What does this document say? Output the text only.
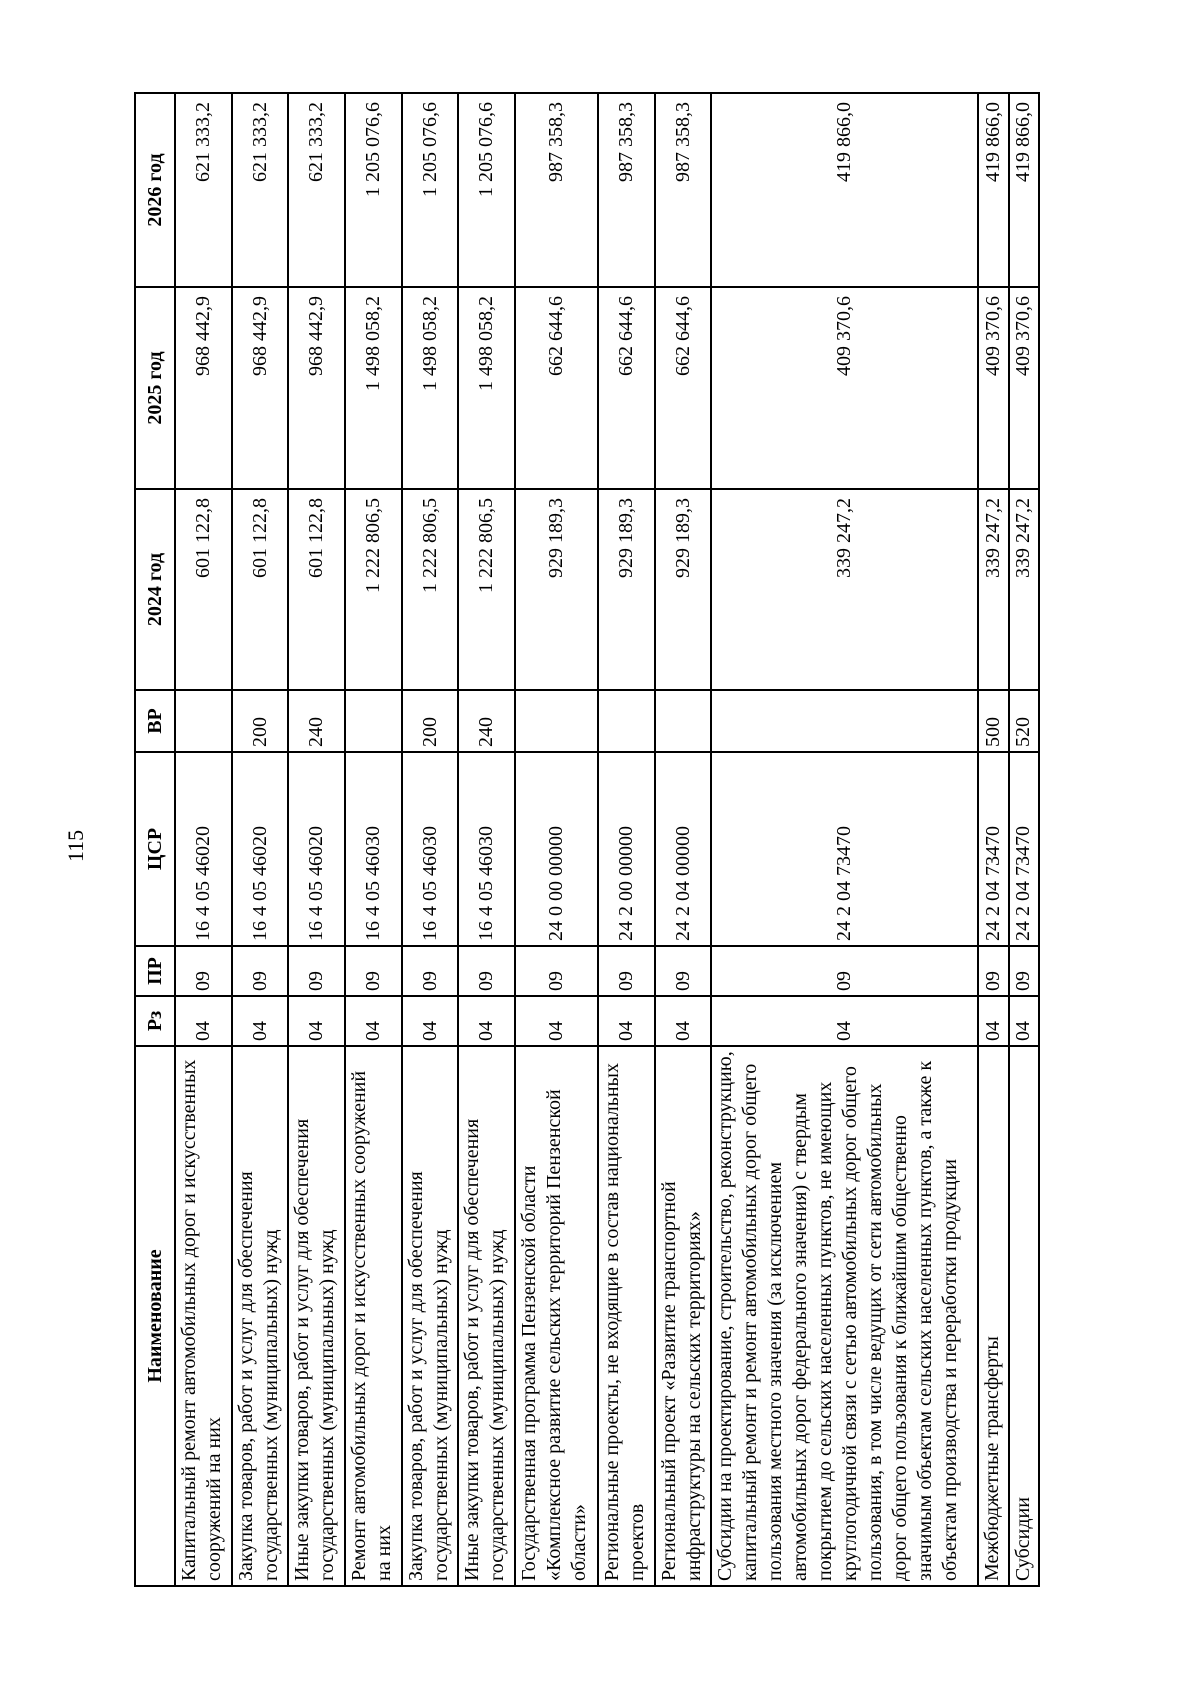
115
Наименование	Рз	ПР	ЦСР	ВР	2024 год	2025 год	2026 год
Капитальный ремонт автомобильных дорог и искусственных сооружений на них	04	09	16 4 05 46020		601 122,8	968 442,9	621 333,2
Закупка товаров, работ и услуг для обеспечения государственных (муниципальных) нужд	04	09	16 4 05 46020	200	601 122,8	968 442,9	621 333,2
Иные закупки товаров, работ и услуг для обеспечения государственных (муниципальных) нужд	04	09	16 4 05 46020	240	601 122,8	968 442,9	621 333,2
Ремонт автомобильных дорог и искусственных сооружений на них	04	09	16 4 05 46030		1 222 806,5	1 498 058,2	1 205 076,6
Закупка товаров, работ и услуг для обеспечения государственных (муниципальных) нужд	04	09	16 4 05 46030	200	1 222 806,5	1 498 058,2	1 205 076,6
Иные закупки товаров, работ и услуг для обеспечения государственных (муниципальных) нужд	04	09	16 4 05 46030	240	1 222 806,5	1 498 058,2	1 205 076,6
Государственная программа Пензенской области «Комплексное развитие сельских территорий Пензенской области»	04	09	24 0 00 00000		929 189,3	662 644,6	987 358,3
Региональные проекты, не входящие в состав национальных проектов	04	09	24 2 00 00000		929 189,3	662 644,6	987 358,3
Региональный проект «Развитие транспортной инфраструктуры на сельских территориях»	04	09	24 2 04 00000		929 189,3	662 644,6	987 358,3
Субсидии на проектирование, строительство, реконструкцию, капитальный ремонт и ремонт автомобильных дорог общего пользования местного значения (за исключением автомобильных дорог федерального значения) с твердым покрытием до сельских населенных пунктов, не имеющих круглогодичной связи с сетью автомобильных дорог общего пользования, в том числе ведущих от сети автомобильных дорог общего пользования к ближайшим общественно значимым объектам сельских населенных пунктов, а также к объектам производства и переработки продукции	04	09	24 2 04 73470		339 247,2	409 370,6	419 866,0
Межбюджетные трансферты	04	09	24 2 04 73470	500	339 247,2	409 370,6	419 866,0
Субсидии	04	09	24 2 04 73470	520	339 247,2	409 370,6	419 866,0
